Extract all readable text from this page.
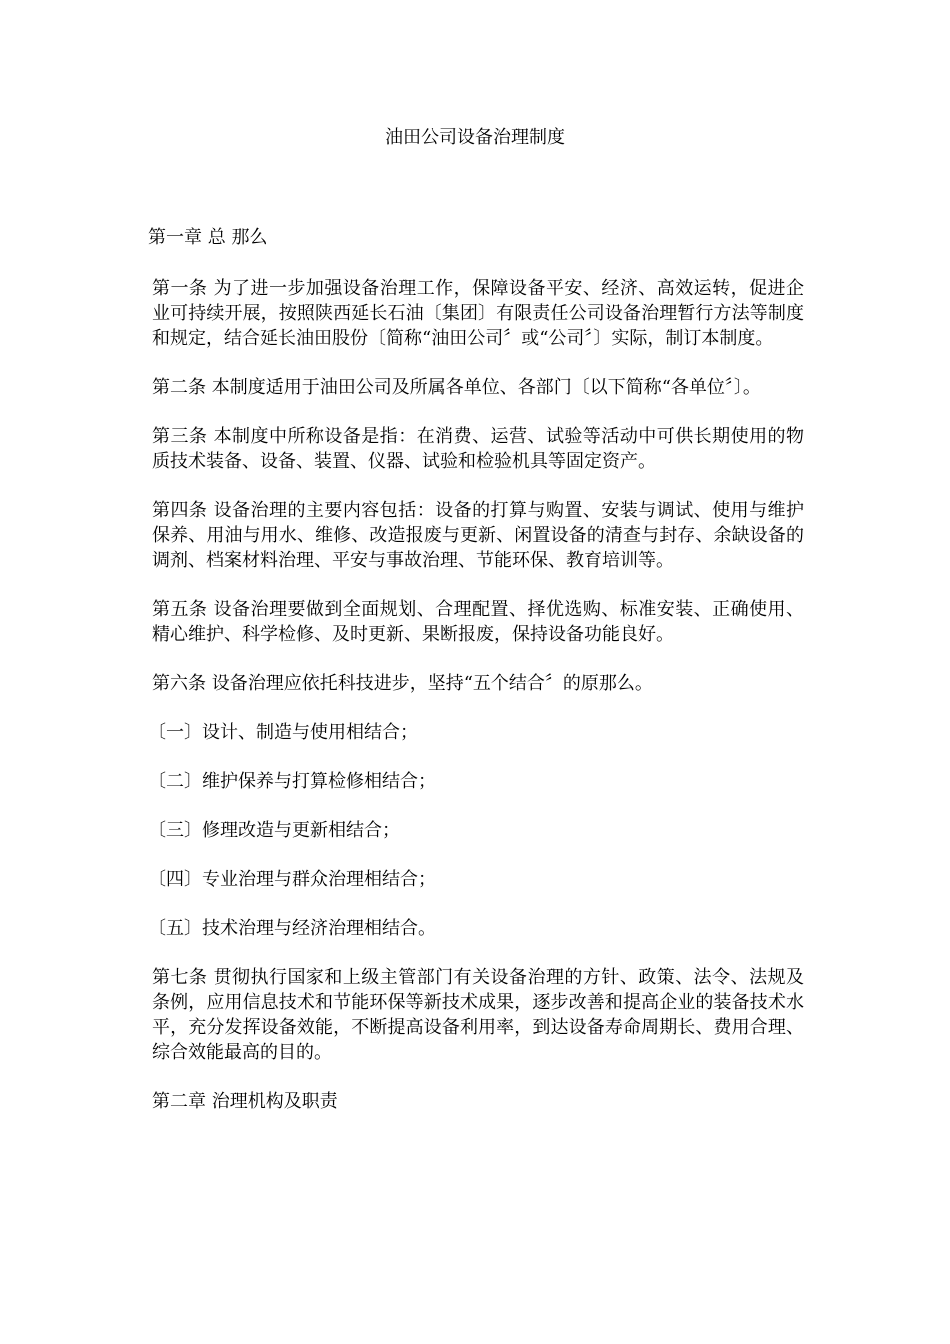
油田公司设备治理制度

第一章 总 那么

第一条 为了进一步加强设备治理工作，保障设备平安、经济、高效运转，促进企业可持续开展，按照陕西延长石油〔集团〕有限责任公司设备治理暂行方法等制度和规定，结合延长油田股份〔简称“油田公司〞或“公司〞〕实际，制订本制度。

第二条 本制度适用于油田公司及所属各单位、各部门〔以下简称“各单位〞〕。

第三条 本制度中所称设备是指：在消费、运营、试验等活动中可供长期使用的物质技术装备、设备、装置、仪器、试验和检验机具等固定资产。

第四条 设备治理的主要内容包括：设备的打算与购置、安装与调试、使用与维护保养、用油与用水、维修、改造报废与更新、闲置设备的清查与封存、余缺设备的调剂、档案材料治理、平安与事故治理、节能环保、教育培训等。

第五条 设备治理要做到全面规划、合理配置、择优选购、标准安装、正确使用、精心维护、科学检修、及时更新、果断报废，保持设备功能良好。

第六条 设备治理应依托科技进步，坚持“五个结合〞的原那么。

〔一〕设计、制造与使用相结合；

〔二〕维护保养与打算检修相结合；

〔三〕修理改造与更新相结合；

〔四〕专业治理与群众治理相结合；

〔五〕技术治理与经济治理相结合。

第七条 贯彻执行国家和上级主管部门有关设备治理的方针、政策、法令、法规及条例，应用信息技术和节能环保等新技术成果，逐步改善和提高企业的装备技术水平，充分发挥设备效能，不断提高设备利用率，到达设备寿命周期长、费用合理、综合效能最高的目的。

第二章 治理机构及职责
